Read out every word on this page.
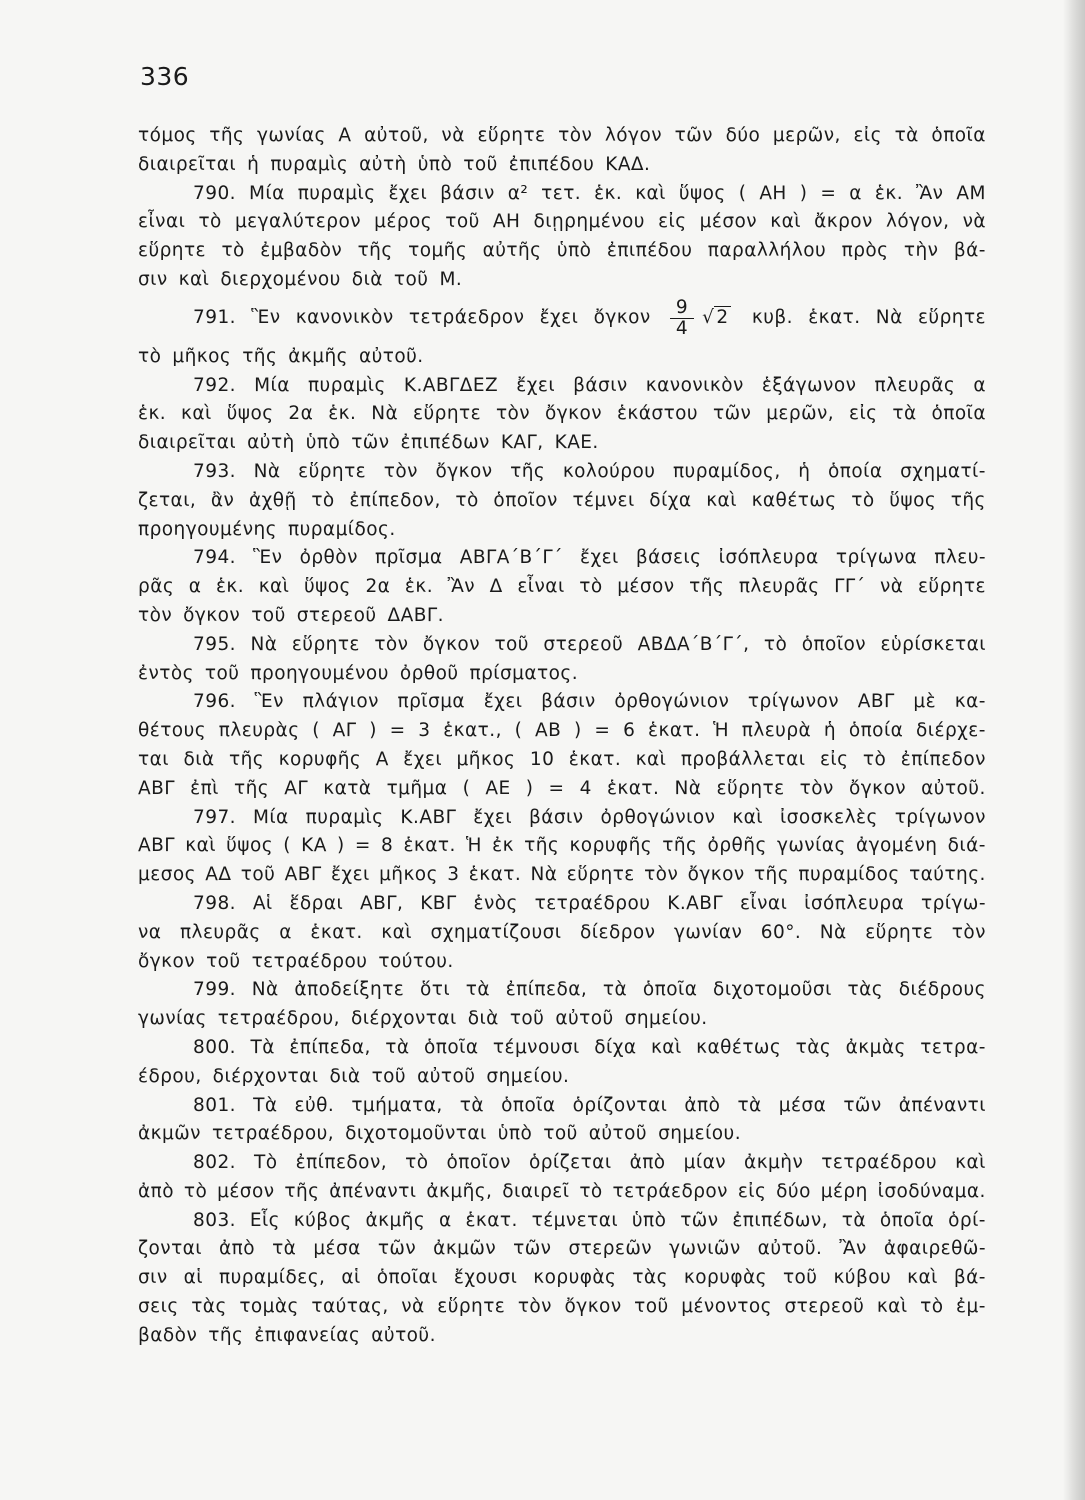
336
τόμος τῆς γωνίας Α αὐτοῦ, νὰ εὕρητε τὸν λόγον τῶν δύο μερῶν, εἰς τὰ ὁποῖα
διαιρεῖται ἡ πυραμὶς αὐτὴ ὑπὸ τοῦ ἐπιπέδου ΚΑΔ.
790. Μία πυραμὶς ἔχει βάσιν α² τετ. ἑκ. καὶ ὕψος ( ΑΗ ) = α ἑκ. Ἂν ΑΜ
εἶναι τὸ μεγαλύτερον μέρος τοῦ ΑΗ διῃρημένου εἰς μέσον καὶ ἄκρον λόγον, νὰ
εὕρητε τὸ ἐμβαδὸν τῆς τομῆς αὐτῆς ὑπὸ ἐπιπέδου παραλλήλου πρὸς τὴν βά-
σιν καὶ διερχομένου διὰ τοῦ Μ.
791. Ἓν κανονικὸν τετράεδρον ἔχει ὄγκον $\frac{9}{4}$ √ 2 κυβ. ἑκατ. Νὰ εὕρητε
τὸ μῆκος τῆς ἀκμῆς αὐτοῦ.
792. Μία πυραμὶς Κ.ΑΒΓΔΕΖ ἔχει βάσιν κανονικὸν ἑξάγωνον πλευρᾶς α
ἑκ. καὶ ὕψος 2α ἑκ. Νὰ εὕρητε τὸν ὄγκον ἑκάστου τῶν μερῶν, εἰς τὰ ὁποῖα
διαιρεῖται αὐτὴ ὑπὸ τῶν ἐπιπέδων ΚΑΓ, ΚΑΕ.
793. Νὰ εὕρητε τὸν ὄγκον τῆς κολούρου πυραμίδος, ἡ ὁποία σχηματί-
ζεται, ἂν ἀχθῇ τὸ ἐπίπεδον, τὸ ὁποῖον τέμνει δίχα καὶ καθέτως τὸ ὕψος τῆς
προηγουμένης πυραμίδος.
794. Ἓν ὀρθὸν πρῖσμα ΑΒΓΑ΄Β΄Γ΄ ἔχει βάσεις ἰσόπλευρα τρίγωνα πλευ-
ρᾶς α ἑκ. καὶ ὕψος 2α ἑκ. Ἂν Δ εἶναι τὸ μέσον τῆς πλευρᾶς ΓΓ΄ νὰ εὕρητε
τὸν ὄγκον τοῦ στερεοῦ ΔΑΒΓ.
795. Νὰ εὕρητε τὸν ὄγκον τοῦ στερεοῦ ΑΒΔΑ΄Β΄Γ΄, τὸ ὁποῖον εὑρίσκεται
ἐντὸς τοῦ προηγουμένου ὀρθοῦ πρίσματος.
796. Ἓν πλάγιον πρῖσμα ἔχει βάσιν ὀρθογώνιον τρίγωνον ΑΒΓ μὲ κα-
θέτους πλευρὰς ( ΑΓ ) = 3 ἑκατ., ( ΑΒ ) = 6 ἑκατ. Ἡ πλευρὰ ἡ ὁποία διέρχε-
ται διὰ τῆς κορυφῆς Α ἔχει μῆκος 10 ἑκατ. καὶ προβάλλεται εἰς τὸ ἐπίπεδον
ΑΒΓ ἐπὶ τῆς ΑΓ κατὰ τμῆμα ( ΑΕ ) = 4 ἑκατ. Νὰ εὕρητε τὸν ὄγκον αὐτοῦ.
797. Μία πυραμὶς Κ.ΑΒΓ ἔχει βάσιν ὀρθογώνιον καὶ ἰσοσκελὲς τρίγωνον
ΑΒΓ καὶ ὕψος ( ΚΑ ) = 8 ἑκατ. Ἡ ἐκ τῆς κορυφῆς τῆς ὀρθῆς γωνίας ἀγομένη διά-
μεσος ΑΔ τοῦ ΑΒΓ ἔχει μῆκος 3 ἑκατ. Νὰ εὕρητε τὸν ὄγκον τῆς πυραμίδος ταύτης.
798. Αἱ ἕδραι ΑΒΓ, ΚΒΓ ἑνὸς τετραέδρου Κ.ΑΒΓ εἶναι ἰσόπλευρα τρίγω-
να πλευρᾶς α ἑκατ. καὶ σχηματίζουσι δίεδρον γωνίαν 60°. Νὰ εὕρητε τὸν
ὄγκον τοῦ τετραέδρου τούτου.
799. Νὰ ἀποδείξητε ὅτι τὰ ἐπίπεδα, τὰ ὁποῖα διχοτομοῦσι τὰς διέδρους
γωνίας τετραέδρου, διέρχονται διὰ τοῦ αὐτοῦ σημείου.
800. Τὰ ἐπίπεδα, τὰ ὁποῖα τέμνουσι δίχα καὶ καθέτως τὰς ἀκμὰς τετρα-
έδρου, διέρχονται διὰ τοῦ αὐτοῦ σημείου.
801. Τὰ εὐθ. τμήματα, τὰ ὁποῖα ὁρίζονται ἀπὸ τὰ μέσα τῶν ἀπέναντι
ἀκμῶν τετραέδρου, διχοτομοῦνται ὑπὸ τοῦ αὐτοῦ σημείου.
802. Τὸ ἐπίπεδον, τὸ ὁποῖον ὁρίζεται ἀπὸ μίαν ἀκμὴν τετραέδρου καὶ
ἀπὸ τὸ μέσον τῆς ἀπέναντι ἀκμῆς, διαιρεῖ τὸ τετράεδρον εἰς δύο μέρη ἰσοδύναμα.
803. Εἷς κύβος ἀκμῆς α ἑκατ. τέμνεται ὑπὸ τῶν ἐπιπέδων, τὰ ὁποῖα ὁρί-
ζονται ἀπὸ τὰ μέσα τῶν ἀκμῶν τῶν στερεῶν γωνιῶν αὐτοῦ. Ἂν ἀφαιρεθῶ-
σιν αἱ πυραμίδες, αἱ ὁποῖαι ἔχουσι κορυφὰς τὰς κορυφὰς τοῦ κύβου καὶ βά-
σεις τὰς τομὰς ταύτας, νὰ εὕρητε τὸν ὄγκον τοῦ μένοντος στερεοῦ καὶ τὸ ἐμ-
βαδὸν τῆς ἐπιφανείας αὐτοῦ.
